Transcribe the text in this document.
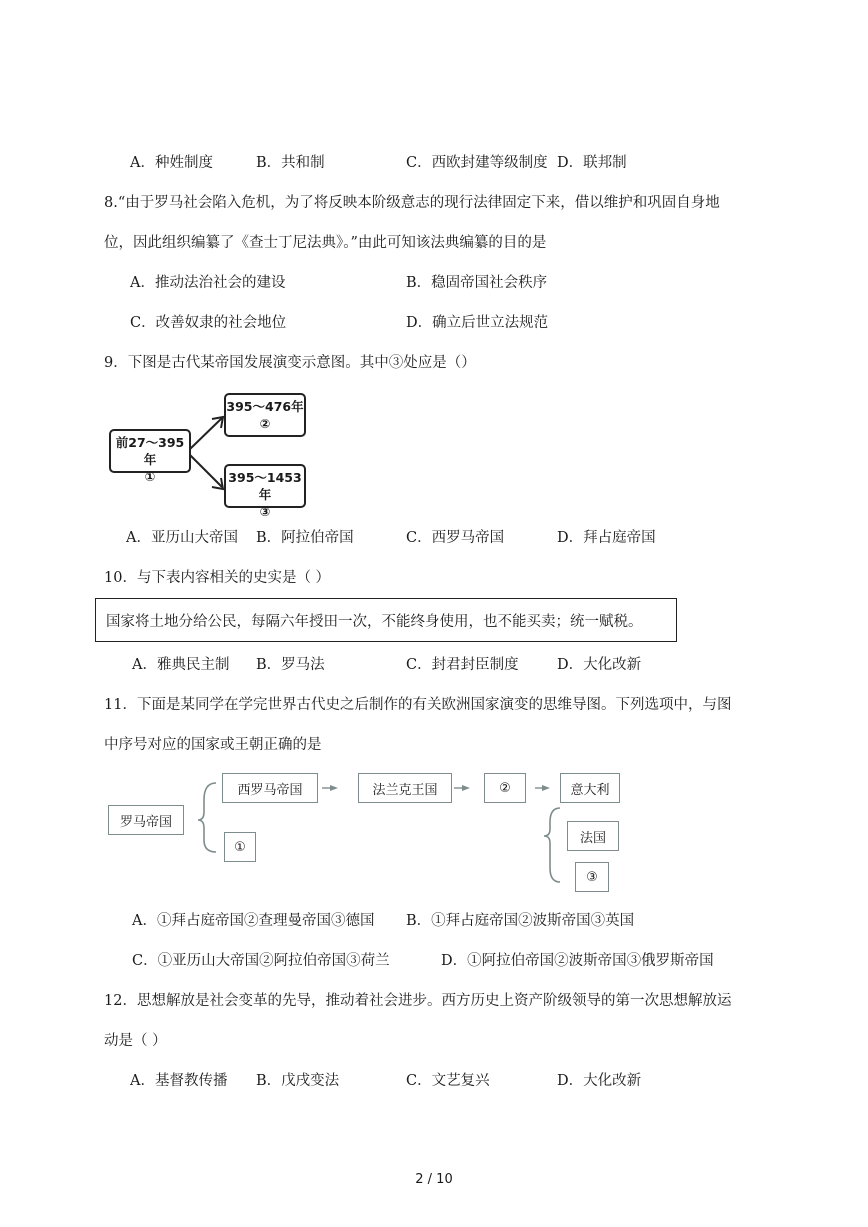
A．种姓制度	B．共和制	C．西欧封建等级制度 D．联邦制
8.“由于罗马社会陷入危机，为了将反映本阶级意志的现行法律固定下来，借以维护和巩固自身地
位，因此组织编纂了《查士丁尼法典》。”由此可知该法典编纂的目的是
A．推动法治社会的建设	B．稳固帝国社会秩序
C．改善奴隶的社会地位	D．确立后世立法规范
9．下图是古代某帝国发展演变示意图。其中③处应是（）
前27～395年
①
395～476年
②
395～1453年
③
A．亚历山大帝国 B．阿拉伯帝国	C．西罗马帝国	D．拜占庭帝国
10．与下表内容相关的史实是（ ）
国家将土地分给公民，每隔六年授田一次，不能终身使用，也不能买卖；统一赋税。
A．雅典民主制 B．罗马法	C．封君封臣制度	D．大化改新
11．下面是某同学在学完世界古代史之后制作的有关欧洲国家演变的思维导图。下列选项中，与图
中序号对应的国家或王朝正确的是
罗马帝国
西罗马帝国	法兰克王国	②	意大利
法国
③
①
A．①拜占庭帝国②查理曼帝国③德国 B．①拜占庭帝国②波斯帝国③英国
C．①亚历山大帝国②阿拉伯帝国③荷兰	D．①阿拉伯帝国②波斯帝国③俄罗斯帝国
12．思想解放是社会变革的先导，推动着社会进步。西方历史上资产阶级领导的第一次思想解放运
动是（ ）
A．基督教传播 B．戊戌变法	C．文艺复兴	D．大化改新
2 / 10
